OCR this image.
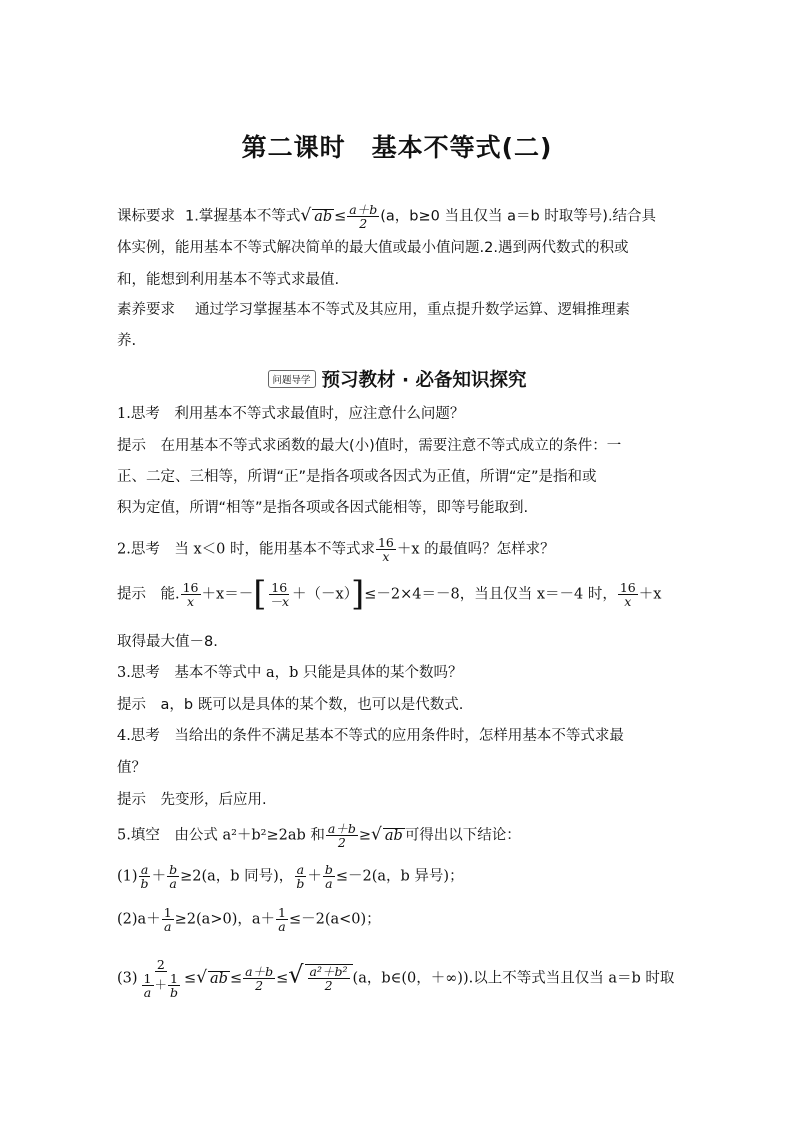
第二课时　基本不等式(二)
课标要求 1.掌握基本不等式√ ab ≤ $\frac{a+b}{2} (a$，b≥0 当且仅当 a＝b 时取等号).结合具
体实例，能用基本不等式解决简单的最大值或最小值问题.2.遇到两代数式的积或
和，能想到利用基本不等式求最值.
素养要求 通过学习掌握基本不等式及其应用，重点提升数学运算、逻辑推理素
养.
问题导学 预习教材 · 必备知识探究
1.思考　利用基本不等式求最值时，应注意什么问题？
提示　在用基本不等式求函数的最大(小)值时，需要注意不等式成立的条件：一
正、二定、三相等，所谓“正”是指各项或各因式为正值，所谓“定”是指和或
积为定值，所谓“相等”是指各项或各因式能相等，即等号能取到.
2.思考　当 x＜0 时，能用基本不等式求 $\frac{16}{x} +x$ 的最值吗？怎样求？
提示　能. $\frac{16}{x} +x=-[ \frac{16}{-x} +(-x)]\le-2\times 4=-8$，当且仅当 x＝－4 时， $\frac{16}{x} +x$
取得最大值－8.
3.思考　基本不等式中 a，b 只能是具体的某个数吗？
提示　a，b 既可以是具体的某个数，也可以是代数式.
4.思考　当给出的条件不满足基本不等式的应用条件时，怎样用基本不等式求最
值？
提示　先变形，后应用.
5.填空　由公式 a²＋b²≥2ab 和 $\frac{a+b}{2}$ ≥√ ab 可得出以下结论：
$(1) \frac{a}{b} + \frac{b}{a} \ge 2(a$，b 同号)， $\frac{a}{b} + \frac{b}{a} \le-2(a$，b 异号)；
$(2)a+ \frac{1}{a} \ge 2(a>0)$，$a+ \frac{1}{a} \le-2(a<0)$；
$(3) \frac{2}{\frac{1}{a} + \frac{1}{b}}$ ≤√ ab ≤ $\frac{a+b}{2}$ ≤√ $\frac{\text{a²＋b²}}{2} (a$，b∈(0，＋∞)).以上不等式当且仅当 a＝b 时取
